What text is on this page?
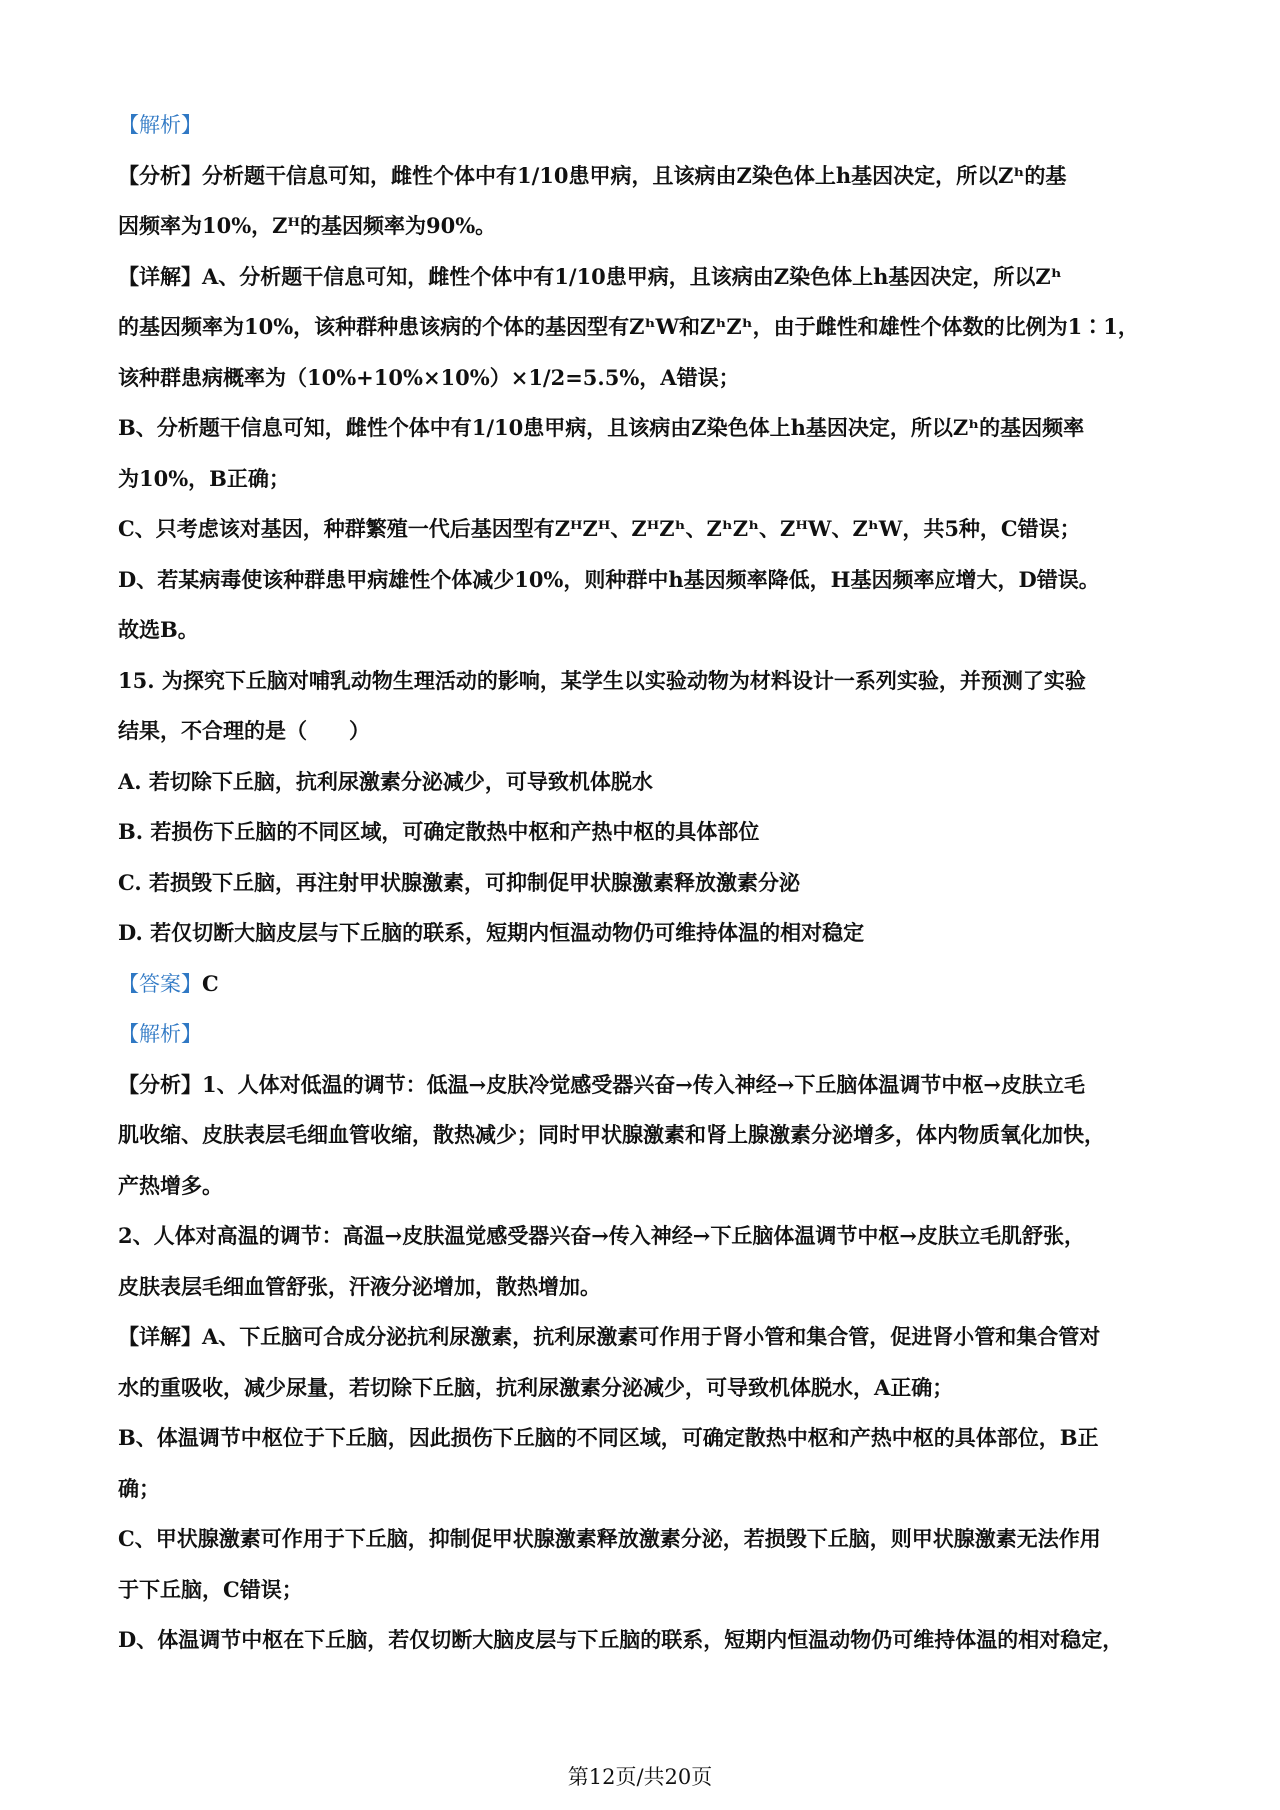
【解析】
【分析】分析题干信息可知，雌性个体中有1/10患甲病，且该病由Z染色体上h基因决定，所以Zʰ的基
因频率为10%，Zᴴ的基因频率为90%。
【详解】A、分析题干信息可知，雌性个体中有1/10患甲病，且该病由Z染色体上h基因决定，所以Zʰ
的基因频率为10%，该种群种患该病的个体的基因型有ZʰW和ZʰZʰ，由于雌性和雄性个体数的比例为1∶1，
该种群患病概率为（10%+10%×10%）×1/2=5.5%，A错误；
B、分析题干信息可知，雌性个体中有1/10患甲病，且该病由Z染色体上h基因决定，所以Zʰ的基因频率
为10%，B正确；
C、只考虑该对基因，种群繁殖一代后基因型有ZᴴZᴴ、ZᴴZʰ、ZʰZʰ、ZᴴW、ZʰW，共5种，C错误；
D、若某病毒使该种群患甲病雄性个体减少10%，则种群中h基因频率降低，H基因频率应增大，D错误。
故选B。
15. 为探究下丘脑对哺乳动物生理活动的影响，某学生以实验动物为材料设计一系列实验，并预测了实验
结果，不合理的是（　　）
A. 若切除下丘脑，抗利尿激素分泌减少，可导致机体脱水
B. 若损伤下丘脑的不同区域，可确定散热中枢和产热中枢的具体部位
C. 若损毁下丘脑，再注射甲状腺激素，可抑制促甲状腺激素释放激素分泌
D. 若仅切断大脑皮层与下丘脑的联系，短期内恒温动物仍可维持体温的相对稳定
【答案】C
【解析】
【分析】1、人体对低温的调节：低温→皮肤冷觉感受器兴奋→传入神经→下丘脑体温调节中枢→皮肤立毛
肌收缩、皮肤表层毛细血管收缩，散热减少；同时甲状腺激素和肾上腺激素分泌增多，体内物质氧化加快，
产热增多。
2、人体对高温的调节：高温→皮肤温觉感受器兴奋→传入神经→下丘脑体温调节中枢→皮肤立毛肌舒张，
皮肤表层毛细血管舒张，汗液分泌增加，散热增加。
【详解】A、下丘脑可合成分泌抗利尿激素，抗利尿激素可作用于肾小管和集合管，促进肾小管和集合管对
水的重吸收，减少尿量，若切除下丘脑，抗利尿激素分泌减少，可导致机体脱水，A正确；
B、体温调节中枢位于下丘脑，因此损伤下丘脑的不同区域，可确定散热中枢和产热中枢的具体部位，B正
确；
C、甲状腺激素可作用于下丘脑，抑制促甲状腺激素释放激素分泌，若损毁下丘脑，则甲状腺激素无法作用
于下丘脑，C错误；
D、体温调节中枢在下丘脑，若仅切断大脑皮层与下丘脑的联系，短期内恒温动物仍可维持体温的相对稳定，
第12页/共20页
